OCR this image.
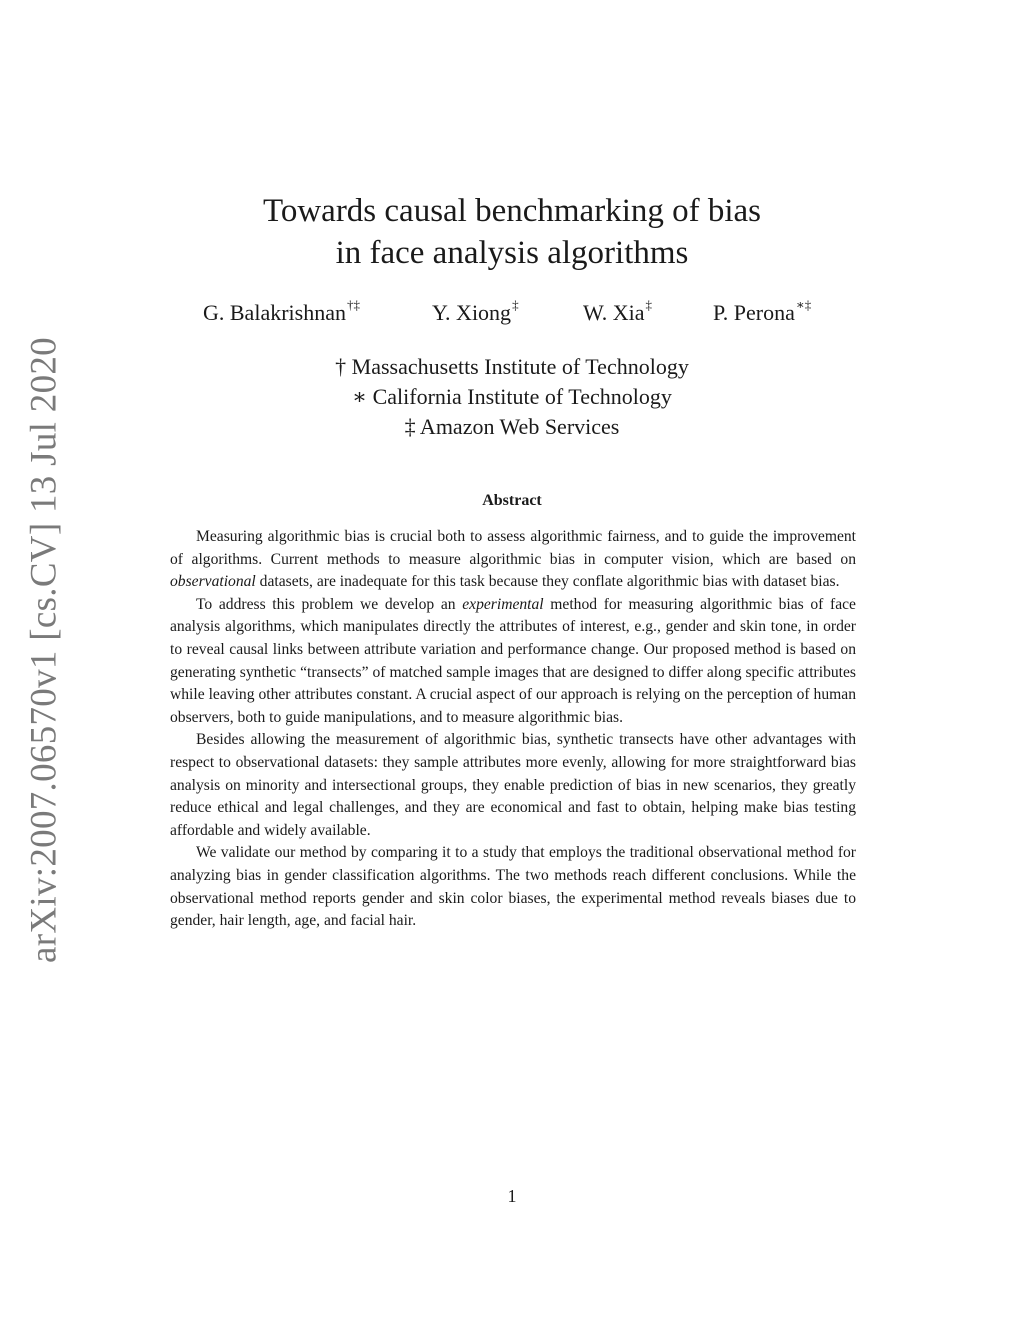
arXiv:2007.06570v1 [cs.CV] 13 Jul 2020
Towards causal benchmarking of bias
in face analysis algorithms
G. Balakrishnan†‡	Y. Xiong‡	W. Xia‡	P. Perona∗‡
† Massachusetts Institute of Technology
∗ California Institute of Technology
‡ Amazon Web Services
Abstract

Measuring algorithmic bias is crucial both to assess algorithmic fairness, and to guide the improvement of algorithms. Current methods to measure algorithmic bias in computer vision, which are based on observational datasets, are inadequate for this task because they conflate algorithmic bias with dataset bias.

To address this problem we develop an experimental method for measuring algorithmic bias of face analysis algorithms, which manipulates directly the attributes of interest, e.g., gender and skin tone, in order to reveal causal links between attribute variation and performance change. Our proposed method is based on generating synthetic “transects” of matched sample images that are designed to differ along specific attributes while leaving other attributes constant. A crucial aspect of our approach is relying on the perception of human observers, both to guide manipulations, and to measure algorithmic bias.

Besides allowing the measurement of algorithmic bias, synthetic transects have other advantages with respect to observational datasets: they sample attributes more evenly, allowing for more straightforward bias analysis on minority and intersectional groups, they enable prediction of bias in new scenarios, they greatly reduce ethical and legal challenges, and they are economical and fast to obtain, helping make bias testing affordable and widely available.

We validate our method by comparing it to a study that employs the traditional observational method for analyzing bias in gender classification algorithms. The two methods reach different conclusions. While the observational method reports gender and skin color biases, the experimental method reveals biases due to gender, hair length, age, and facial hair.

1
